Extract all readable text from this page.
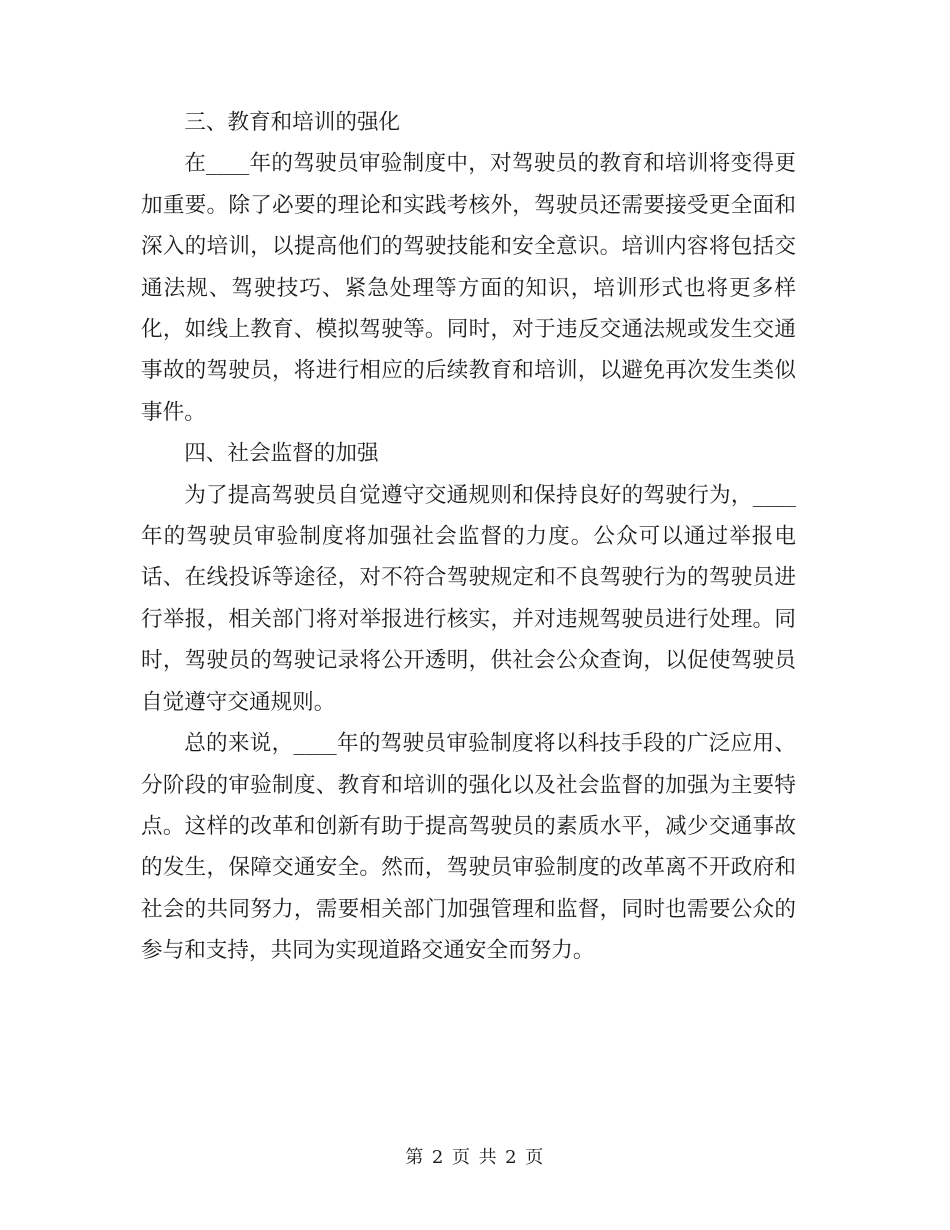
三、教育和培训的强化

在____年的驾驶员审验制度中，对驾驶员的教育和培训将变得更加重要。除了必要的理论和实践考核外，驾驶员还需要接受更全面和深入的培训，以提高他们的驾驶技能和安全意识。培训内容将包括交通法规、驾驶技巧、紧急处理等方面的知识，培训形式也将更多样化，如线上教育、模拟驾驶等。同时，对于违反交通法规或发生交通事故的驾驶员，将进行相应的后续教育和培训，以避免再次发生类似事件。

四、社会监督的加强

为了提高驾驶员自觉遵守交通规则和保持良好的驾驶行为，____年的驾驶员审验制度将加强社会监督的力度。公众可以通过举报电话、在线投诉等途径，对不符合驾驶规定和不良驾驶行为的驾驶员进行举报，相关部门将对举报进行核实，并对违规驾驶员进行处理。同时，驾驶员的驾驶记录将公开透明，供社会公众查询，以促使驾驶员自觉遵守交通规则。

总的来说，____年的驾驶员审验制度将以科技手段的广泛应用、分阶段的审验制度、教育和培训的强化以及社会监督的加强为主要特点。这样的改革和创新有助于提高驾驶员的素质水平，减少交通事故的发生，保障交通安全。然而，驾驶员审验制度的改革离不开政府和社会的共同努力，需要相关部门加强管理和监督，同时也需要公众的参与和支持，共同为实现道路交通安全而努力。

第 2 页 共 2 页
